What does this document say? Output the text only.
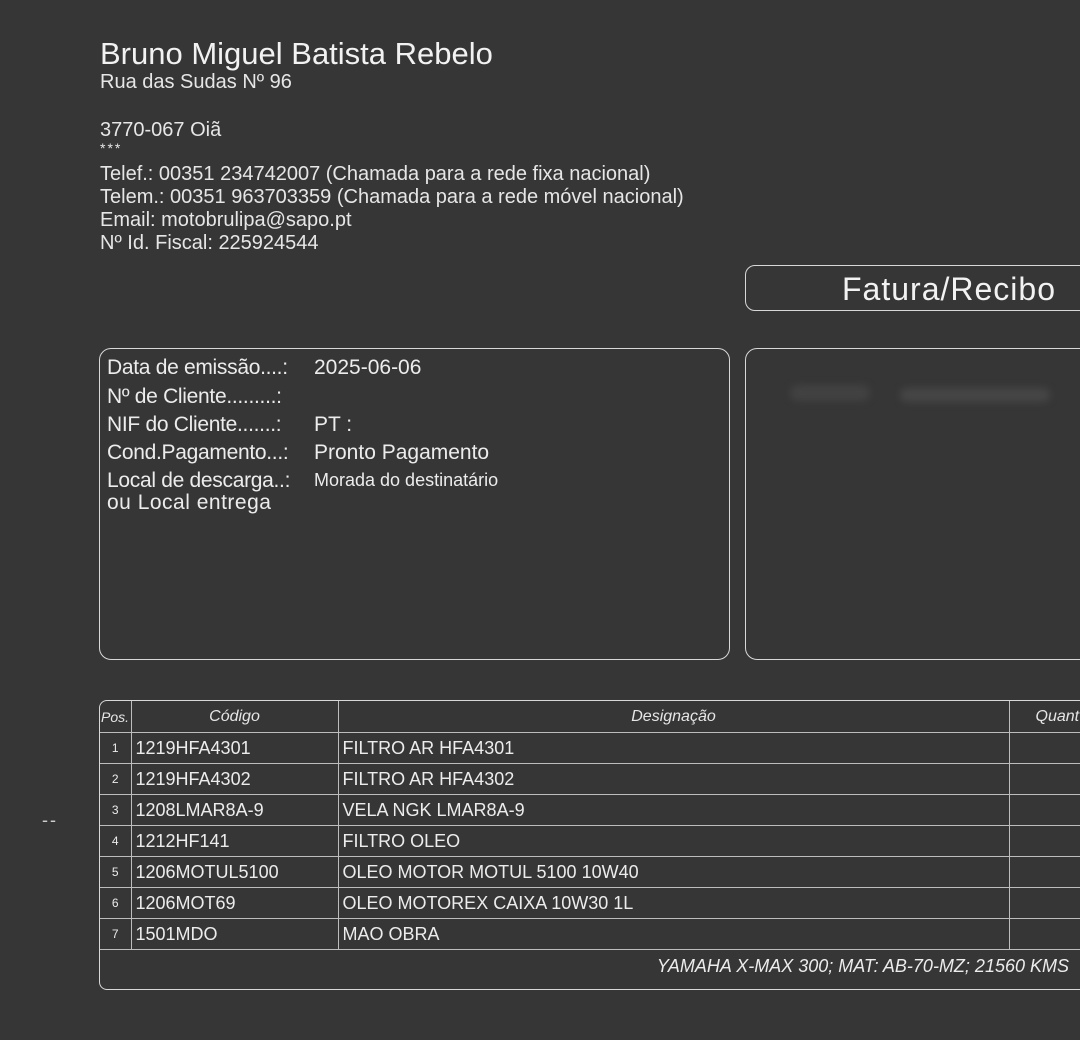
Bruno Miguel Batista Rebelo
Rua das Sudas Nº 96
3770-067 Oiã
***
Telef.: 00351 234742007 (Chamada para a rede fixa nacional)
Telem.: 00351 963703359 (Chamada para a rede móvel nacional)
Email: motobrulipa@sapo.pt
Nº Id. Fiscal: 225924544
Fatura/Recibo
Data de emissão....: 2025-06-06
Nº de Cliente.........:
NIF do Cliente.......: PT :
Cond.Pagamento...: Pronto Pagamento
Local de descarga..: Morada do destinatário
ou Local entrega
--
Pos.	Código	Designação	Quant
1	1219HFA4301	FILTRO AR HFA4301	
2	1219HFA4302	FILTRO AR HFA4302	
3	1208LMAR8A-9	VELA NGK LMAR8A-9	
4	1212HF141	FILTRO OLEO	
5	1206MOTUL5100	OLEO MOTOR MOTUL 5100 10W40	
6	1206MOT69	OLEO MOTOREX CAIXA 10W30 1L	
7	1501MDO	MAO OBRA	
YAMAHA X-MAX 300; MAT: AB-70-MZ; 21560 KMS			
